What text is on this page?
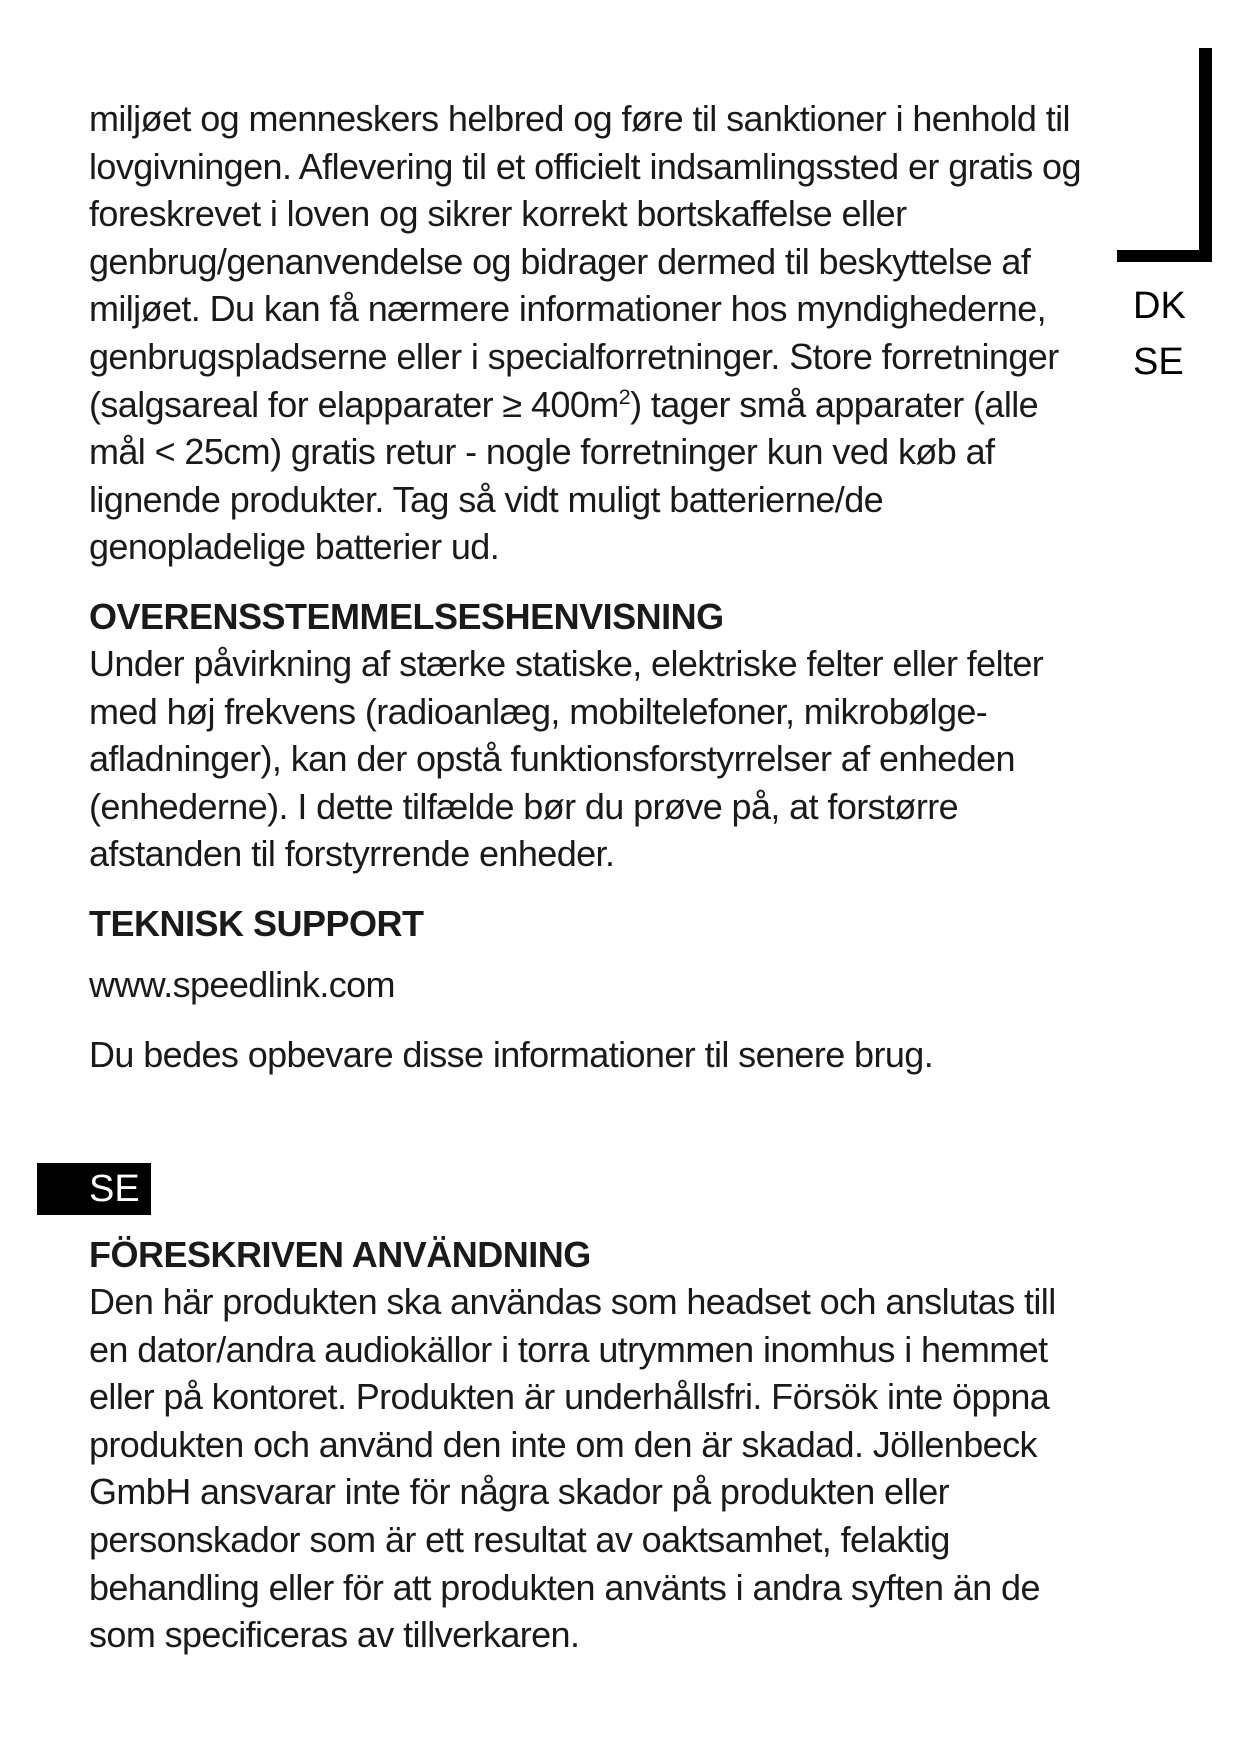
DK
SE

miljøet og menneskers helbred og føre til sanktioner i henhold til lovgivningen. Aflevering til et officielt indsamlingssted er gratis og foreskrevet i loven og sikrer korrekt bortskaffelse eller genbrug/genanvendelse og bidrager dermed til beskyttelse af miljøet. Du kan få nærmere informationer hos myndighederne, genbrugspladserne eller i specialforretninger. Store forretninger (salgsareal for elapparater ≥ $400m^2$) tager små apparater (alle mål < 25cm) gratis retur - nogle forretninger kun ved køb af lignende produkter. Tag så vidt muligt batterierne/de genopladelige batterier ud.

OVERENSSTEMMELSESHENVISNING

Under påvirkning af stærke statiske, elektriske felter eller felter med høj frekvens (radioanlæg, mobiltelefoner, mikrobølge-afladninger), kan der opstå funktionsforstyrrelser af enheden (enhederne). I dette tilfælde bør du prøve på, at forstørre afstanden til forstyrrende enheder.

TEKNISK SUPPORT

www.speedlink.com

Du bedes opbevare disse informationer til senere brug.

SE
FÖRESKRIVEN ANVÄNDNING

Den här produkten ska användas som headset och anslutas till en dator/andra audiokällor i torra utrymmen inomhus i hemmet eller på kontoret. Produkten är underhållsfri. Försök inte öppna produkten och använd den inte om den är skadad. Jöllenbeck GmbH ansvarar inte för några skador på produkten eller personskador som är ett resultat av oaktsamhet, felaktig behandling eller för att produkten använts i andra syften än de som specificeras av tillverkaren.
